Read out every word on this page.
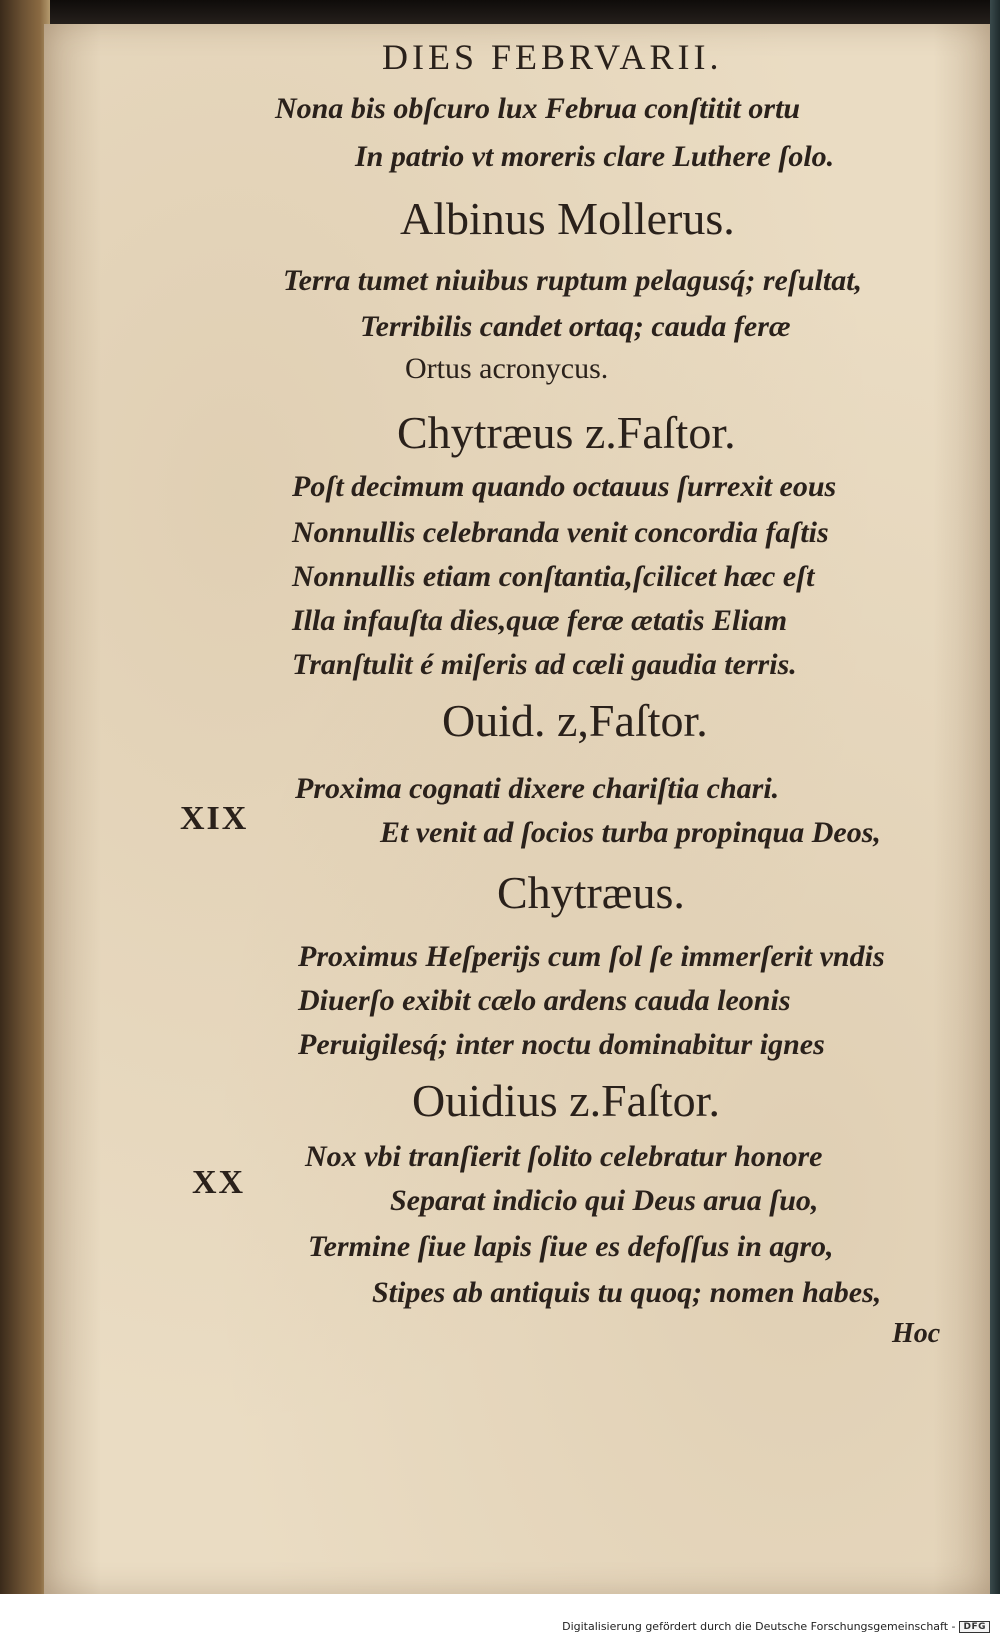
DIES FEBRVARII.
Nona bis obſcuro lux Februa conſtitit ortu
In patrio vt moreris clare Luthere ſolo.
Albinus Mollerus.
Terra tumet niuibus ruptum pelagusq́; reſultat,
Terribilis candet ortaq; cauda feræ
Ortus acronycus.
Chytræus z.Faſtor.
Poſt decimum quando octauus ſurrexit eous
Nonnullis celebranda venit concordia faſtis
Nonnullis etiam conſtantia,ſcilicet hæc eſt
Illa infauſta dies,quæ feræ ætatis Eliam
Tranſtulit é miſeris ad cæli gaudia terris.
Ouid. z,Faſtor.
XIX
Proxima cognati dixere chariſtia chari.
Et venit ad ſocios turba propinqua Deos,
Chytræus.
Proximus Heſperijs cum ſol ſe immerſerit vndis
Diuerſo exibit cælo ardens cauda leonis
Peruigilesq́; inter noctu dominabitur ignes
Ouidius z.Faſtor.
XX
Nox vbi tranſierit ſolito celebratur honore
Separat indicio qui Deus arua ſuo,
Termine ſiue lapis ſiue es defoſſus in agro,
Stipes ab antiquis tu quoq; nomen habes,
Hoc
Digitalisierung gefördert durch die Deutsche Forschungsgemeinschaft - DFG
